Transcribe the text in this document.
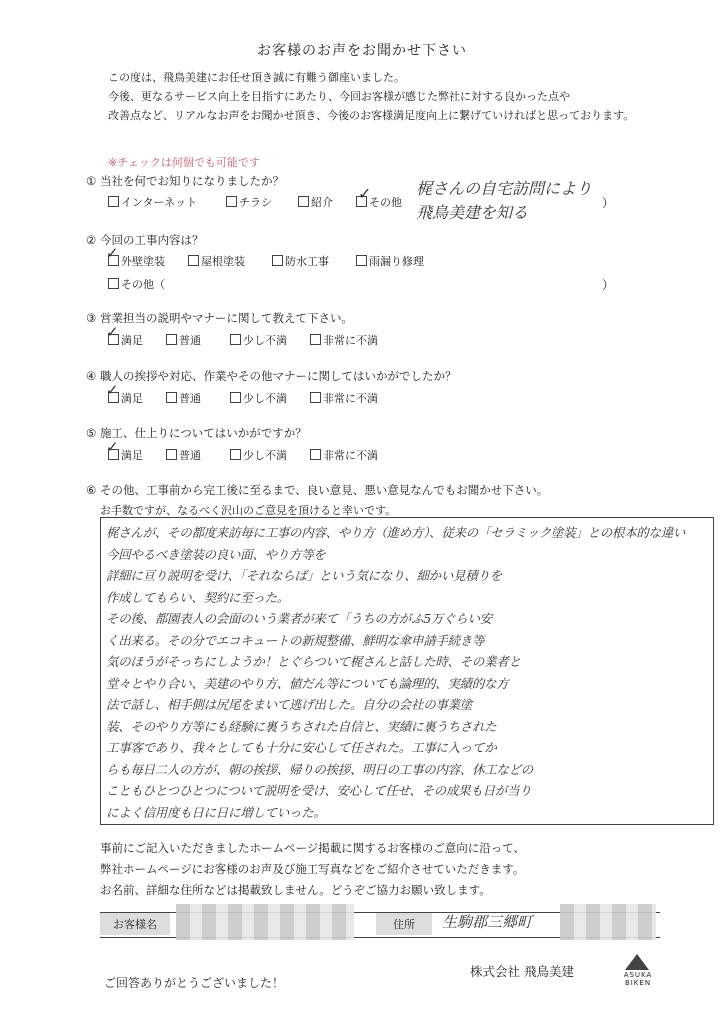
お客様のお声をお聞かせ下さい
この度は、飛鳥美建にお任せ頂き誠に有難う御座いました。
今後、更なるサービス向上を目指すにあたり、今回お客様が感じた弊社に対する良かった点や
改善点など、リアルなお声をお聞かせ頂き、今後のお客様満足度向上に繋げていければと思っております。
※チェックは何個でも可能です
① 当社を何でお知りになりましたか？
インターネット	チラシ	紹介	その他
✓	梶さんの自宅訪問により
飛鳥美建を知る	）
② 今回の工事内容は？
外壁塗装
✓	屋根塗装	防水工事	雨漏り修理
その他（	）
③ 営業担当の説明やマナーに関して教えて下さい。
満足
✓	普通	少し不満	非常に不満
④ 職人の挨拶や対応、作業やその他マナーに関してはいかがでしたか？
満足
✓	普通	少し不満	非常に不満
⑤ 施工、仕上りについてはいかがですか？
満足
✓	普通	少し不満	非常に不満
⑥ その他、工事前から完工後に至るまで、良い意見、悪い意見なんでもお聞かせ下さい。
お手数ですが、なるべく沢山のご意見を頂けると幸いです。
梶さんが、その都度来訪毎に工事の内容、やり方（進め方）、従来の「セラミック塗装」との根本的な違い
今回やるべき塗装の良い面、やり方等を
詳細に亘り説明を受け、「それならば」という気になり、細かい見積りを
作成してもらい、契約に至った。
その後、都園表人の会面のいう業者が来て「うちの方がふ5万ぐらい安
く出来る。その分でエコキュートの新規整備、鮮明な傘申請手続き等
気のほうがそっちにしようか！とぐらついて梶さんと話した時、その業者と
堂々とやり合い、美建のやり方、値だん等についても論理的、実績的な方
法で話し、相手側は尻尾をまいて逃げ出した。自分の会社の事業塗
装、そのやり方等にも経験に裏うちされた自信と、実績に裏うちされた
工事客であり、我々としても十分に安心して任された。工事に入ってか
らも毎日二人の方が、朝の挨拶、帰りの挨拶、明日の工事の内容、休工などの
こともひとつひとつについて説明を受け、安心して任せ、その成果も日が当り
によく信用度も日に日に増していった。
事前にご記入いただきましたホームページ掲載に関するお客様のご意向に沿って、
弊社ホームページにお客様のお声及び施工写真などをご紹介させていただきます。
お名前、詳細な住所などは掲載致しません。どうぞご協力お願い致します。
お客様名	住所	生駒郡三郷町
ご回答ありがとうございました！
株式会社 飛鳥美建	ASUKA
BIKEN
